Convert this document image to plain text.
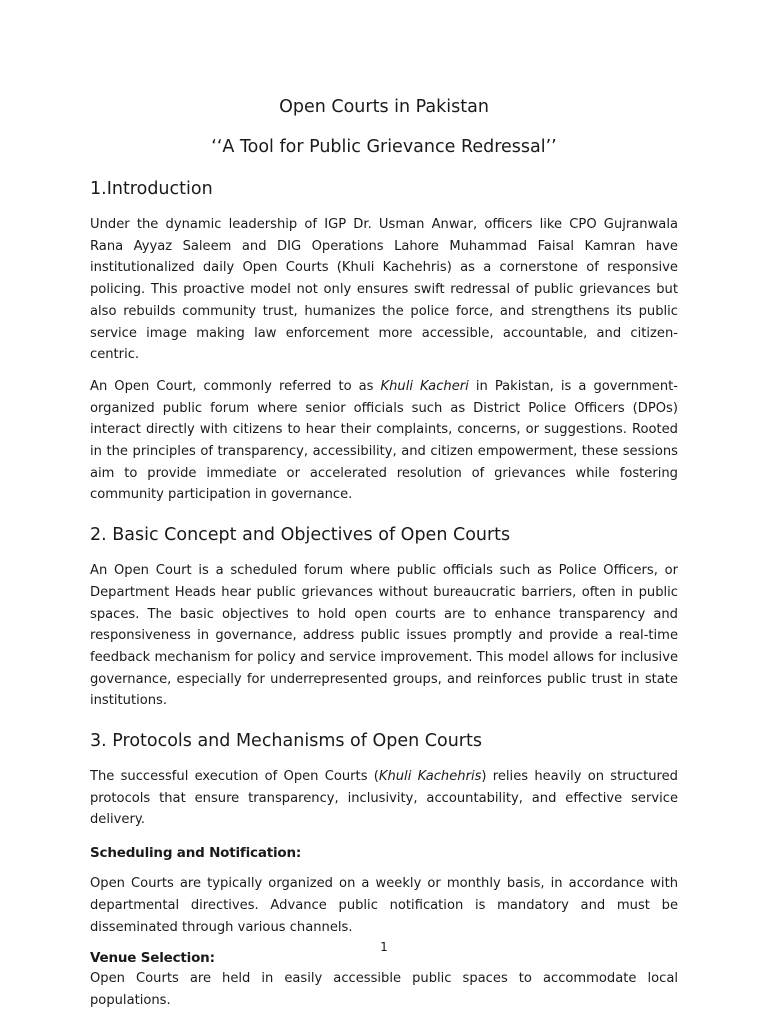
Open Courts in Pakistan
‘‘A Tool for Public Grievance Redressal’’
1.Introduction

Under the dynamic leadership of IGP Dr. Usman Anwar, officers like CPO Gujranwala Rana Ayyaz Saleem and DIG Operations Lahore Muhammad Faisal Kamran have institutionalized daily Open Courts (Khuli Kachehris) as a cornerstone of responsive policing. This proactive model not only ensures swift redressal of public grievances but also rebuilds community trust, humanizes the police force, and strengthens its public service image making law enforcement more accessible, accountable, and citizen-centric.

An Open Court, commonly referred to as Khuli Kacheri in Pakistan, is a government-organized public forum where senior officials such as District Police Officers (DPOs) interact directly with citizens to hear their complaints, concerns, or suggestions. Rooted in the principles of transparency, accessibility, and citizen empowerment, these sessions aim to provide immediate or accelerated resolution of grievances while fostering community participation in governance.

2. Basic Concept and Objectives of Open Courts

An Open Court is a scheduled forum where public officials such as Police Officers, or Department Heads hear public grievances without bureaucratic barriers, often in public spaces. The basic objectives to hold open courts are to enhance transparency and responsiveness in governance, address public issues promptly and provide a real-time feedback mechanism for policy and service improvement. This model allows for inclusive governance, especially for underrepresented groups, and reinforces public trust in state institutions.

3. Protocols and Mechanisms of Open Courts

The successful execution of Open Courts (Khuli Kachehris) relies heavily on structured protocols that ensure transparency, inclusivity, accountability, and effective service delivery.

Scheduling and Notification:

Open Courts are typically organized on a weekly or monthly basis, in accordance with departmental directives. Advance public notification is mandatory and must be disseminated through various channels.

Venue Selection:

Open Courts are held in easily accessible public spaces to accommodate local populations.

1
